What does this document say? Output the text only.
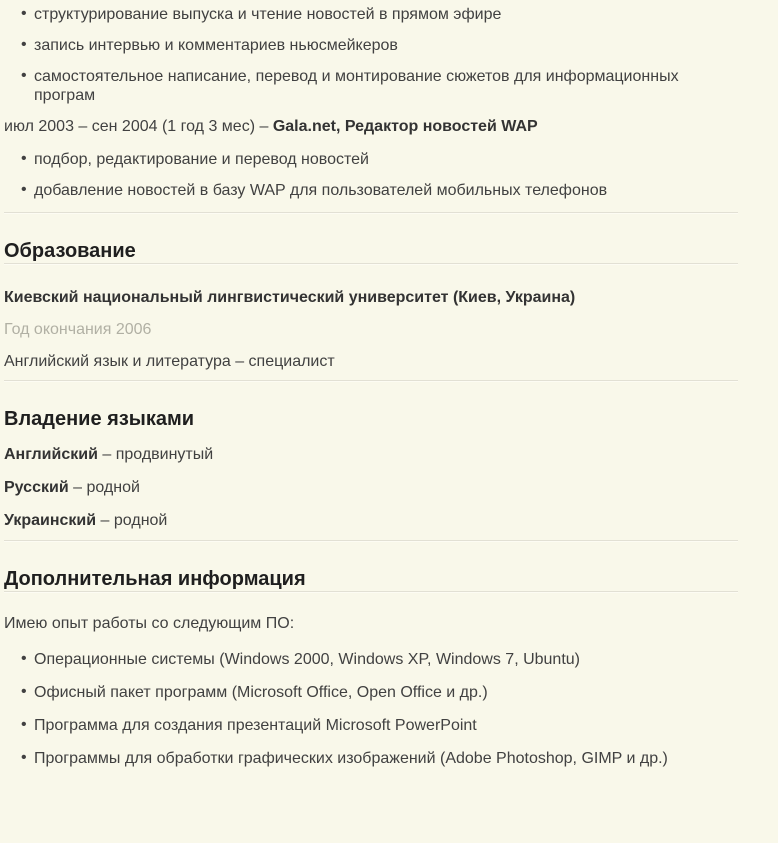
• структурирование выпуска и чтение новостей в прямом эфире
• запись интервью и комментариев ньюсмейкеров
• самостоятельное написание, перевод и монтирование сюжетов для информационных програм

июл 2003 – сен 2004 (1 год 3 мес) – Gala.net, Редактор новостей WAP

• подбор, редактирование и перевод новостей
• добавление новостей в базу WAP для пользователей мобильных телефонов
Образование

Киевский национальный лингвистический университет (Киев, Украина)

Год окончания 2006

Английский язык и литература – специалист

Владение языками

Английский – продвинутый

Русский – родной

Украинский – родной

Дополнительная информация

Имею опыт работы со следующим ПО:

• Операционные системы (Windows 2000, Windows XP, Windows 7, Ubuntu)
• Офисный пакет программ (Microsoft Office, Open Office и др.)
• Программа для создания презентаций Microsoft PowerPoint
• Программы для обработки графических изображений (Adobe Photoshop, GIMP и др.)
